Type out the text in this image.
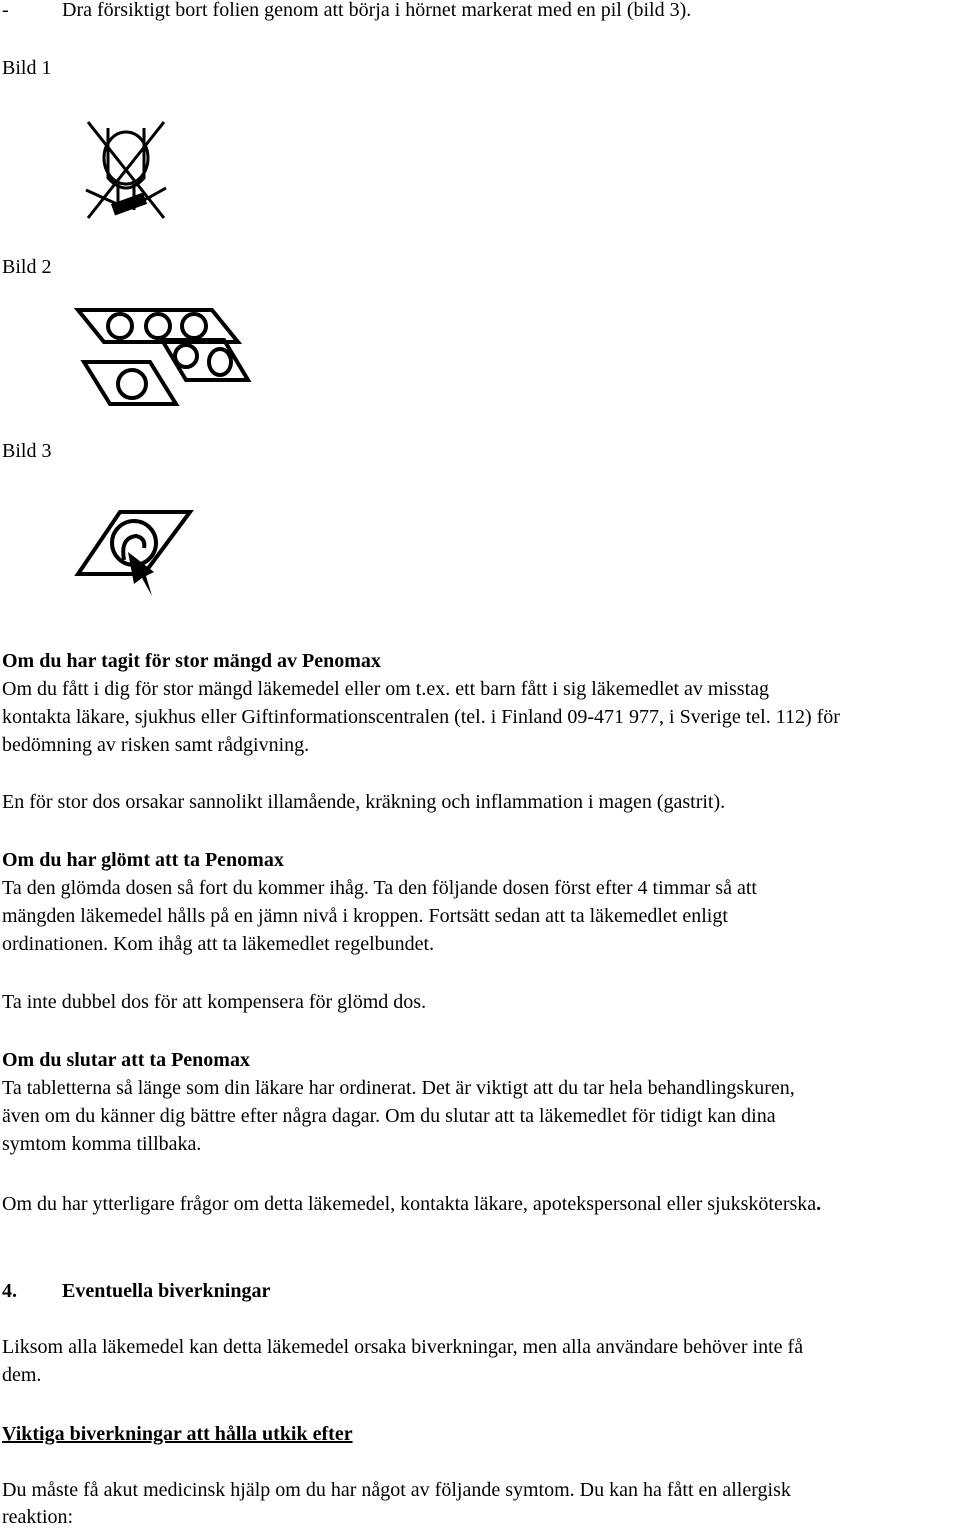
-	Dra försiktigt bort folien genom att börja i hörnet markerat med en pil (bild 3).
Bild 1
Bild 2
Bild 3
Om du har tagit för stor mängd av Penomax
Om du fått i dig för stor mängd läkemedel eller om t.ex. ett barn fått i sig läkemedlet av misstag
kontakta läkare, sjukhus eller Giftinformationscentralen (tel. i Finland 09-471 977, i Sverige tel. 112) för
bedömning av risken samt rådgivning.
En för stor dos orsakar sannolikt illamående, kräkning och inflammation i magen (gastrit).
Om du har glömt att ta Penomax
Ta den glömda dosen så fort du kommer ihåg. Ta den följande dosen först efter 4 timmar så att
mängden läkemedel hålls på en jämn nivå i kroppen. Fortsätt sedan att ta läkemedlet enligt
ordinationen. Kom ihåg att ta läkemedlet regelbundet.
Ta inte dubbel dos för att kompensera för glömd dos.
Om du slutar att ta Penomax
Ta tabletterna så länge som din läkare har ordinerat. Det är viktigt att du tar hela behandlingskuren,
även om du känner dig bättre efter några dagar. Om du slutar att ta läkemedlet för tidigt kan dina
symtom komma tillbaka.
Om du har ytterligare frågor om detta läkemedel, kontakta läkare, apotekspersonal eller sjuksköterska.
4. Eventuella biverkningar
Liksom alla läkemedel kan detta läkemedel orsaka biverkningar, men alla användare behöver inte få
dem.
Viktiga biverkningar att hålla utkik efter
Du måste få akut medicinsk hjälp om du har något av följande symtom. Du kan ha fått en allergisk
reaktion:
